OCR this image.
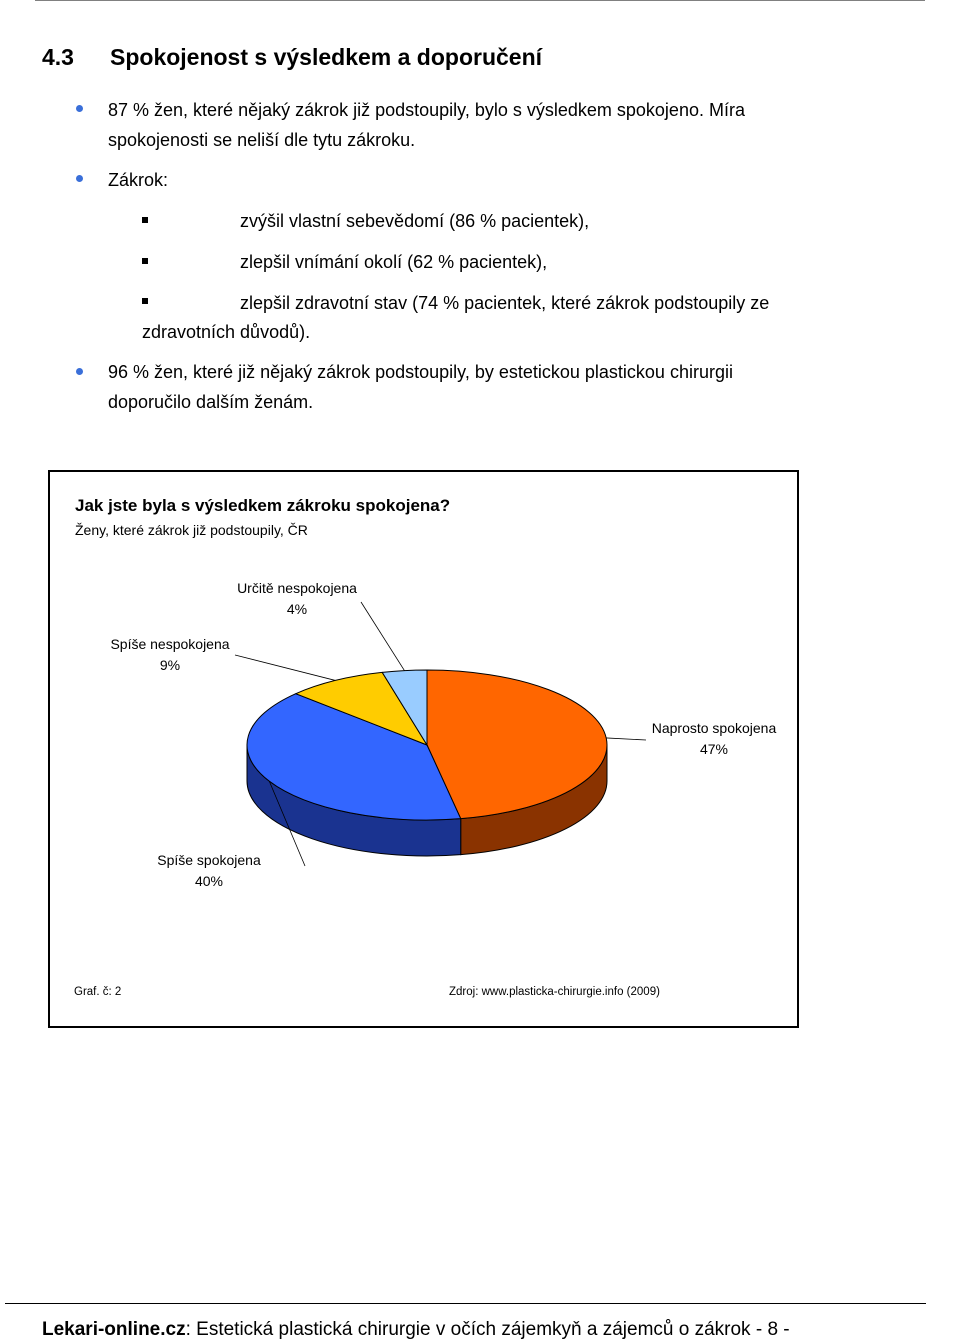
4.3 Spokojenost s výsledkem a doporučení
87 % žen, které nějaký zákrok již podstoupily, bylo s výsledkem spokojeno. Míra
spokojenosti se neliší dle tytu zákroku.
Zákrok:
zvýšil vlastní sebevědomí (86 % pacientek),
zlepšil vnímání okolí (62 % pacientek),
zlepšil zdravotní stav (74 % pacientek, které zákrok podstoupily ze
zdravotních důvodů).
96 % žen, které již nějaký zákrok podstoupily, by estetickou plastickou chirurgii
doporučilo dalším ženám.
Jak jste byla s výsledkem zákroku spokojena?
Ženy, které zákrok již podstoupily, ČR
Naprosto spokojena
47%
Spíše spokojena
40%
Spíše nespokojena
9%
Určitě nespokojena
4%
Graf. č: 2	Zdroj: www.plasticka-chirurgie.info (2009)
Lekari-online.cz: Estetická plastická chirurgie v očích zájemkyň a zájemců o zákrok - 8 -
